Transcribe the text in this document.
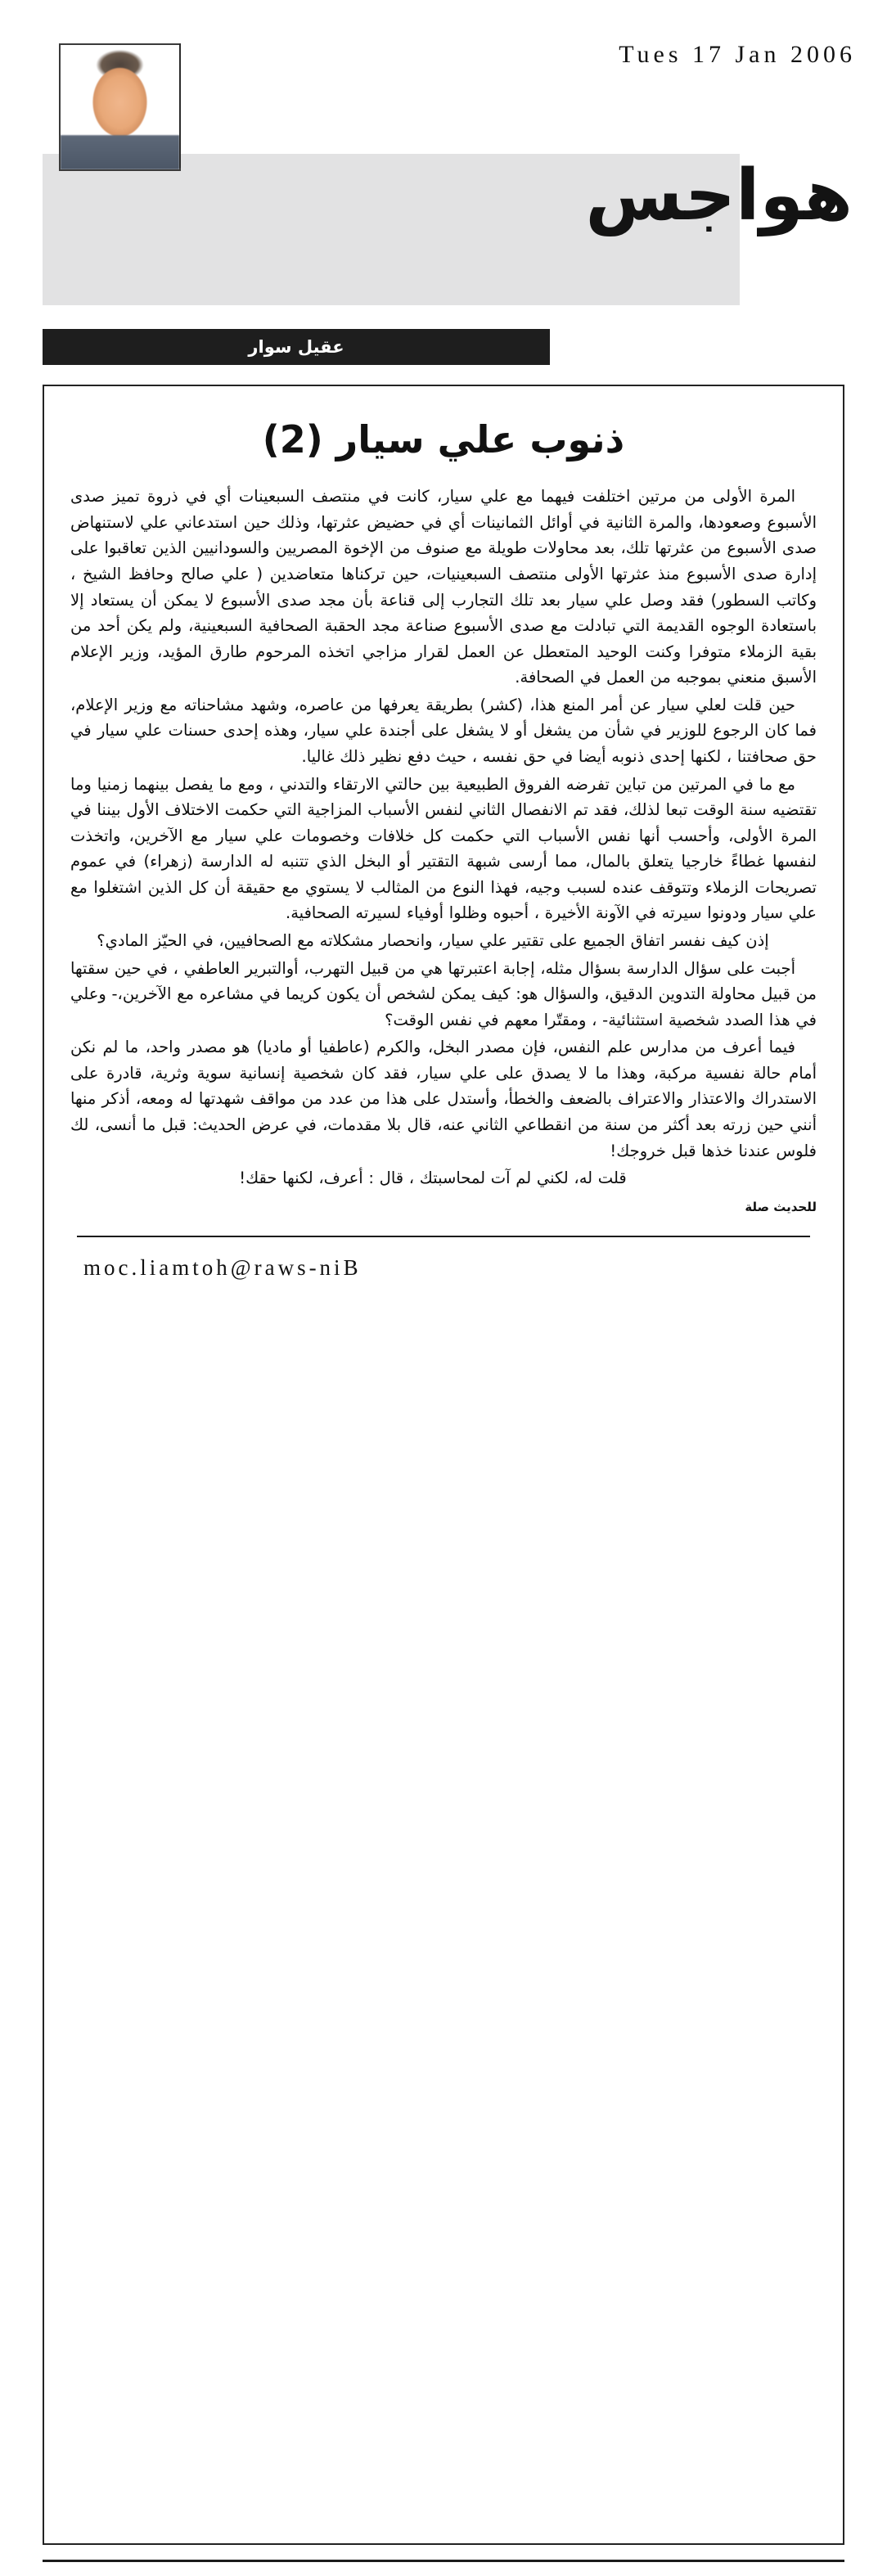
Tues 17 Jan 2006
هواجس
عقيل سوار
ذنوب علي سيار (2)

المرة الأولى من مرتين اختلفت فيهما مع علي سيار، كانت في منتصف السبعينات أي في ذروة تميز صدى الأسبوع وصعودها، والمرة الثانية في أوائل الثمانينات أي في حضيض عثرتها، وذلك حين استدعاني علي لاستنهاض صدى الأسبوع من عثرتها تلك، بعد محاولات طويلة مع صنوف من الإخوة المصريين والسودانيين الذين تعاقبوا على إدارة صدى الأسبوع منذ عثرتها الأولى منتصف السبعينيات، حين تركناها متعاضدين ( علي صالح وحافظ الشيخ ، وكاتب السطور) فقد وصل علي سيار بعد تلك التجارب إلى قناعة بأن مجد صدى الأسبوع لا يمكن أن يستعاد إلا باستعادة الوجوه القديمة التي تبادلت مع صدى الأسبوع صناعة مجد الحقبة الصحافية السبعينية، ولم يكن أحد من بقية الزملاء متوفرا وكنت الوحيد المتعطل عن العمل لقرار مزاجي اتخذه المرحوم طارق المؤيد، وزير الإعلام الأسبق منعني بموجبه من العمل في الصحافة.

حين قلت لعلي سيار عن أمر المنع هذا، (كشر) بطريقة يعرفها من عاصره، وشهد مشاحناته مع وزير الإعلام، فما كان الرجوع للوزير في شأن من يشغل أو لا يشغل على أجندة علي سيار، وهذه إحدى حسنات علي سيار في حق صحافتنا ، لكنها إحدى ذنوبه أيضا في حق نفسه ، حيث دفع نظير ذلك غاليا.

مع ما في المرتين من تباين تفرضه الفروق الطبيعية بين حالتي الارتقاء والتدني ، ومع ما يفصل بينهما زمنيا وما تقتضيه سنة الوقت تبعا لذلك، فقد تم الانفصال الثاني لنفس الأسباب المزاجية التي حكمت الاختلاف الأول بيننا في المرة الأولى، وأحسب أنها نفس الأسباب التي حكمت كل خلافات وخصومات علي سيار مع الآخرين، واتخذت لنفسها غطاءً خارجيا يتعلق بالمال، مما أرسى شبهة التقتير أو البخل الذي تتنبه له الدارسة (زهراء) في عموم تصريحات الزملاء وتتوقف عنده لسبب وجيه، فهذا النوع من المثالب لا يستوي مع حقيقة أن كل الذين اشتغلوا مع علي سيار ودونوا سيرته في الآونة الأخيرة ، أحبوه وظلوا أوفياء لسيرته الصحافية.

إذن كيف نفسر اتفاق الجميع على تقتير علي سيار، وانحصار مشكلاته مع الصحافيين، في الحيّز المادي؟

أجبت على سؤال الدارسة بسؤال مثله، إجابة اعتبرتها هي من قبيل التهرب، أوالتبرير العاطفي ، في حين سقتها من قبيل محاولة التدوين الدقيق، والسؤال هو: كيف يمكن لشخص أن يكون كريما في مشاعره مع الآخرين،- وعلي في هذا الصدد شخصية استثنائية- ، ومقتّرا معهم في نفس الوقت؟

فيما أعرف من مدارس علم النفس، فإن مصدر البخل، والكرم (عاطفيا أو ماديا) هو مصدر واحد، ما لم نكن أمام حالة نفسية مركبة، وهذا ما لا يصدق على علي سيار، فقد كان شخصية إنسانية سوية وثرية، قادرة على الاستدراك والاعتذار والاعتراف بالضعف والخطأ، وأستدل على هذا من عدد من مواقف شهدتها له ومعه، أذكر منها أنني حين زرته بعد أكثر من سنة من انقطاعي الثاني عنه، قال بلا مقدمات، في عرض الحديث: قبل ما أنسى، لك فلوس عندنا خذها قبل خروجك!

قلت له، لكني لم آت لمحاسبتك ، قال : أعرف، لكنها حقك!

للحديث صلة
moc.liamtoh@raws-niB
